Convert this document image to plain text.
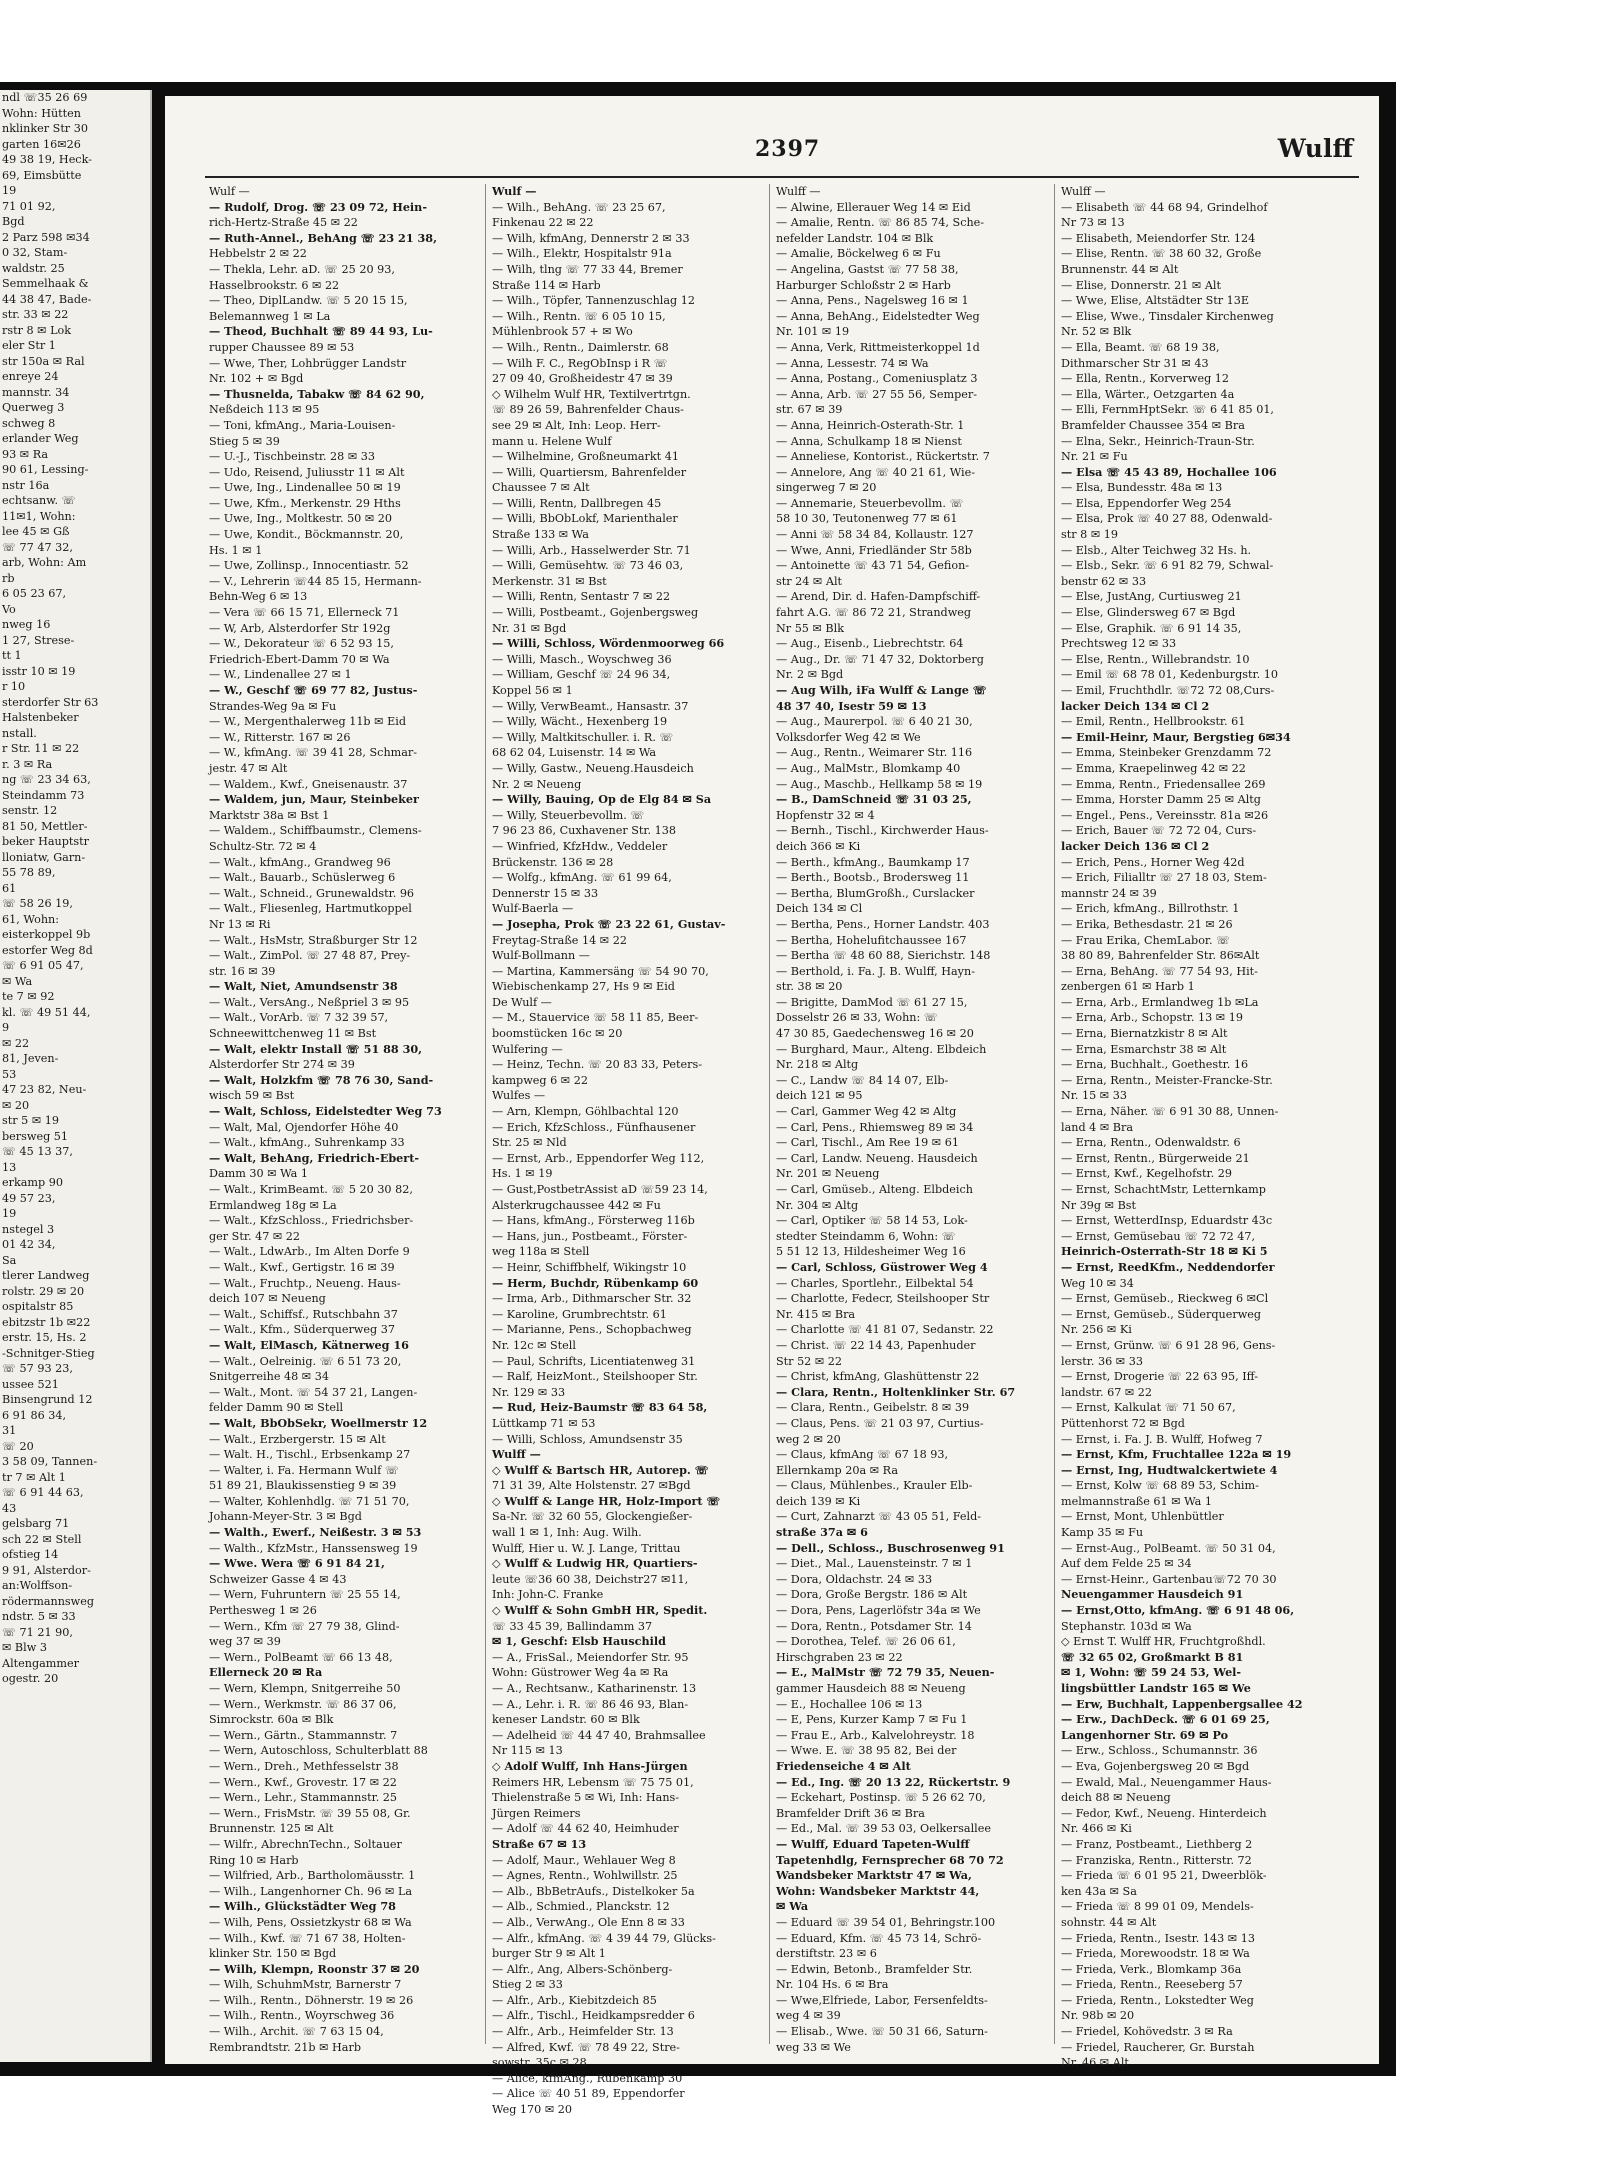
ndl ☏35 26 69
Wohn: Hütten
nklinker Str 30
garten 16✉26
49 38 19, Heck-
69, Eimsbütte
19
71 01 92,
Bgd
2 Parz 598 ✉34
0 32, Stam-
waldstr. 25
Semmelhaak &
44 38 47, Bade-
str. 33 ✉ 22
rstr 8 ✉ Lok
eler Str 1
str 150a ✉ Ral
enreye 24
mannstr. 34
Querweg 3
schweg 8
erlander Weg
93 ✉ Ra
90 61, Lessing-
nstr 16a
echtsanw. ☏
11✉1, Wohn:
lee 45 ✉ Gß
☏ 77 47 32,
arb, Wohn: Am
rb
6 05 23 67,
Vo
nweg 16
1 27, Strese-
tt 1
isstr 10 ✉ 19
r 10
sterdorfer Str 63
Halstenbeker
nstall.
r Str. 11 ✉ 22
r. 3 ✉ Ra
ng ☏ 23 34 63,
Steindamm 73
senstr. 12
81 50, Mettler-
beker Hauptstr
lloniatw, Garn-
55 78 89,
61
☏ 58 26 19,
61, Wohn:
eisterkoppel 9b
estorfer Weg 8d
☏ 6 91 05 47,
✉ Wa
te 7 ✉ 92
kl. ☏ 49 51 44,
9
✉ 22
81, Jeven-
53
47 23 82, Neu-
✉ 20
str 5 ✉ 19
bersweg 51
☏ 45 13 37,
13
erkamp 90
49 57 23,
19
nstegel 3
01 42 34,
Sa
tlerer Landweg
rolstr. 29 ✉ 20
ospitalstr 85
ebitzstr 1b ✉22
erstr. 15, Hs. 2
-Schnitger-Stieg
☏ 57 93 23,
ussee 521
Binsengrund 12
6 91 86 34,
31
☏ 20
3 58 09, Tannen-
tr 7 ✉ Alt 1
☏ 6 91 44 63,
43
gelsbarg 71
sch 22 ✉ Stell
ofstieg 14
9 91, Alsterdor-
an:Wolffson-
rödermannsweg
ndstr. 5 ✉ 33
☏ 71 21 90,
✉ Blw 3
Altengammer
ogestr. 20
2397	Wulff
Wulf —
— Rudolf, Drog. ☏ 23 09 72, Hein-
rich-Hertz-Straße 45 ✉ 22
— Ruth-Annel., BehAng ☏ 23 21 38,
Hebbelstr 2 ✉ 22
— Thekla, Lehr. aD. ☏ 25 20 93,
Hasselbrookstr. 6 ✉ 22
— Theo, DiplLandw. ☏ 5 20 15 15,
Belemannweg 1 ✉ La
— Theod, Buchhalt ☏ 89 44 93, Lu-
rupper Chaussee 89 ✉ 53
— Wwe, Ther, Lohbrügger Landstr
Nr. 102 + ✉ Bgd
— Thusnelda, Tabakw ☏ 84 62 90,
Neßdeich 113 ✉ 95
— Toni, kfmAng., Maria-Louisen-
Stieg 5 ✉ 39
— U.-J., Tischbeinstr. 28 ✉ 33
— Udo, Reisend, Juliusstr 11 ✉ Alt
— Uwe, Ing., Lindenallee 50 ✉ 19
— Uwe, Kfm., Merkenstr. 29 Hths
— Uwe, Ing., Moltkestr. 50 ✉ 20
— Uwe, Kondit., Böckmannstr. 20,
Hs. 1 ✉ 1
— Uwe, Zollinsp., Innocentiastr. 52
— V., Lehrerin ☏44 85 15, Hermann-
Behn-Weg 6 ✉ 13
— Vera ☏ 66 15 71, Ellerneck 71
— W, Arb, Alsterdorfer Str 192g
— W., Dekorateur ☏ 6 52 93 15,
Friedrich-Ebert-Damm 70 ✉ Wa
— W., Lindenallee 27 ✉ 1
— W., Geschf ☏ 69 77 82, Justus-
Strandes-Weg 9a ✉ Fu
— W., Mergenthalerweg 11b ✉ Eid
— W., Ritterstr. 167 ✉ 26
— W., kfmAng. ☏ 39 41 28, Schmar-
jestr. 47 ✉ Alt
— Waldem., Kwf., Gneisenaustr. 37
— Waldem, jun, Maur, Steinbeker
Marktstr 38a ✉ Bst 1
— Waldem., Schiffbaumstr., Clemens-
Schultz-Str. 72 ✉ 4
— Walt., kfmAng., Grandweg 96
— Walt., Bauarb., Schüslerweg 6
— Walt., Schneid., Grunewaldstr. 96
— Walt., Fliesenleg, Hartmutkoppel
Nr 13 ✉ Ri
— Walt., HsMstr, Straßburger Str 12
— Walt., ZimPol. ☏ 27 48 87, Prey-
str. 16 ✉ 39
— Walt, Niet, Amundsenstr 38
— Walt., VersAng., Neßpriel 3 ✉ 95
— Walt., VorArb. ☏ 7 32 39 57,
Schneewittchenweg 11 ✉ Bst
— Walt, elektr Install ☏ 51 88 30,
Alsterdorfer Str 274 ✉ 39
— Walt, Holzkfm ☏ 78 76 30, Sand-
wisch 59 ✉ Bst
— Walt, Schloss, Eidelstedter Weg 73
— Walt, Mal, Ojendorfer Höhe 40
— Walt., kfmAng., Suhrenkamp 33
— Walt, BehAng, Friedrich-Ebert-
Damm 30 ✉ Wa 1
— Walt., KrimBeamt. ☏ 5 20 30 82,
Ermlandweg 18g ✉ La
— Walt., KfzSchloss., Friedrichsber-
ger Str. 47 ✉ 22
— Walt., LdwArb., Im Alten Dorfe 9
— Walt., Kwf., Gertigstr. 16 ✉ 39
— Walt., Fruchtp., Neueng. Haus-
deich 107 ✉ Neueng
— Walt., Schiffsf., Rutschbahn 37
— Walt., Kfm., Süderquerweg 37
— Walt, ElMasch, Kätnerweg 16
— Walt., Oelreinig. ☏ 6 51 73 20,
Snitgerreihe 48 ✉ 34
— Walt., Mont. ☏ 54 37 21, Langen-
felder Damm 90 ✉ Stell
— Walt, BbObSekr, Woellmerstr 12
— Walt., Erzbergerstr. 15 ✉ Alt
— Walt. H., Tischl., Erbsenkamp 27
— Walter, i. Fa. Hermann Wulf ☏
51 89 21, Blaukissenstieg 9 ✉ 39
— Walter, Kohlenhdlg. ☏ 71 51 70,
Johann-Meyer-Str. 3 ✉ Bgd
— Walth., Ewerf., Neißestr. 3 ✉ 53
— Walth., KfzMstr., Hanssensweg 19
— Wwe. Wera ☏ 6 91 84 21,
Schweizer Gasse 4 ✉ 43
— Wern, Fuhruntern ☏ 25 55 14,
Perthesweg 1 ✉ 26
— Wern., Kfm ☏ 27 79 38, Glind-
weg 37 ✉ 39
— Wern., PolBeamt ☏ 66 13 48,
Ellerneck 20 ✉ Ra
— Wern, Klempn, Snitgerreihe 50
— Wern., Werkmstr. ☏ 86 37 06,
Simrockstr. 60a ✉ Blk
— Wern., Gärtn., Stammannstr. 7
— Wern, Autoschloss, Schulterblatt 88
— Wern., Dreh., Methfesselstr 38
— Wern., Kwf., Grovestr. 17 ✉ 22
— Wern., Lehr., Stammannstr. 25
— Wern., FrisMstr. ☏ 39 55 08, Gr.
Brunnenstr. 125 ✉ Alt
— Wilfr., AbrechnTechn., Soltauer
Ring 10 ✉ Harb
— Wilfried, Arb., Bartholomäusstr. 1
— Wilh., Langenhorner Ch. 96 ✉ La
— Wilh., Glückstädter Weg 78
— Wilh, Pens, Ossietzkystr 68 ✉ Wa
— Wilh., Kwf. ☏ 71 67 38, Holten-
klinker Str. 150 ✉ Bgd
— Wilh, Klempn, Roonstr 37 ✉ 20
— Wilh, SchuhmMstr, Barnerstr 7
— Wilh., Rentn., Döhnerstr. 19 ✉ 26
— Wilh., Rentn., Woyrschweg 36
— Wilh., Archit. ☏ 7 63 15 04,
Rembrandtstr. 21b ✉ Harb
Wulf —
— Wilh., BehAng. ☏ 23 25 67,
Finkenau 22 ✉ 22
— Wilh, kfmAng, Dennerstr 2 ✉ 33
— Wilh., Elektr, Hospitalstr 91a
— Wilh, tlng ☏ 77 33 44, Bremer
Straße 114 ✉ Harb
— Wilh., Töpfer, Tannenzuschlag 12
— Wilh., Rentn. ☏ 6 05 10 15,
Mühlenbrook 57 + ✉ Wo
— Wilh., Rentn., Daimlerstr. 68
— Wilh F. C., RegObInsp i R ☏
27 09 40, Großheidestr 47 ✉ 39
◇ Wilhelm Wulf HR, Textilvertrtgn.
☏ 89 26 59, Bahrenfelder Chaus-
see 29 ✉ Alt, Inh: Leop. Herr-
mann u. Helene Wulf
— Wilhelmine, Großneumarkt 41
— Willi, Quartiersm, Bahrenfelder
Chaussee 7 ✉ Alt
— Willi, Rentn, Dallbregen 45
— Willi, BbObLokf, Marienthaler
Straße 133 ✉ Wa
— Willi, Arb., Hasselwerder Str. 71
— Willi, Gemüsehtw. ☏ 73 46 03,
Merkenstr. 31 ✉ Bst
— Willi, Rentn, Sentastr 7 ✉ 22
— Willi, Postbeamt., Gojenbergsweg
Nr. 31 ✉ Bgd
— Willi, Schloss, Wördenmoorweg 66
— Willi, Masch., Woyschweg 36
— William, Geschf ☏ 24 96 34,
Koppel 56 ✉ 1
— Willy, VerwBeamt., Hansastr. 37
— Willy, Wächt., Hexenberg 19
— Willy, Maltkitschuller. i. R. ☏
68 62 04, Luisenstr. 14 ✉ Wa
— Willy, Gastw., Neueng.Hausdeich
Nr. 2 ✉ Neueng
— Willy, Bauing, Op de Elg 84 ✉ Sa
— Willy, Steuerbevollm. ☏
7 96 23 86, Cuxhavener Str. 138
— Winfried, KfzHdw., Veddeler
Brückenstr. 136 ✉ 28
— Wolfg., kfmAng. ☏ 61 99 64,
Dennerstr 15 ✉ 33
Wulf-Baerla —
— Josepha, Prok ☏ 23 22 61, Gustav-
Freytag-Straße 14 ✉ 22
Wulf-Bollmann —
— Martina, Kammersäng ☏ 54 90 70,
Wiebischenkamp 27, Hs 9 ✉ Eid
De Wulf —
— M., Stauervice ☏ 58 11 85, Beer-
boomstücken 16c ✉ 20
Wulfering —
— Heinz, Techn. ☏ 20 83 33, Peters-
kampweg 6 ✉ 22
Wulfes —
— Arn, Klempn, Göhlbachtal 120
— Erich, KfzSchloss., Fünfhausener
Str. 25 ✉ Nld
— Ernst, Arb., Eppendorfer Weg 112,
Hs. 1 ✉ 19
— Gust,PostbetrAssist aD ☏59 23 14,
Alsterkrugchaussee 442 ✉ Fu
— Hans, kfmAng., Försterweg 116b
— Hans, jun., Postbeamt., Förster-
weg 118a ✉ Stell
— Heinr, Schiffbhelf, Wikingstr 10
— Herm, Buchdr, Rübenkamp 60
— Irma, Arb., Dithmarscher Str. 32
— Karoline, Grumbrechtstr. 61
— Marianne, Pens., Schopbachweg
Nr. 12c ✉ Stell
— Paul, Schrifts, Licentiatenweg 31
— Ralf, HeizMont., Steilshooper Str.
Nr. 129 ✉ 33
— Rud, Heiz-Baumstr ☏ 83 64 58,
Lüttkamp 71 ✉ 53
— Willi, Schloss, Amundsenstr 35
Wulff —
◇ Wulff & Bartsch HR, Autorep. ☏
71 31 39, Alte Holstenstr. 27 ✉Bgd
◇ Wulff & Lange HR, Holz-Import ☏
Sa-Nr. ☏ 32 60 55, Glockengießer-
wall 1 ✉ 1, Inh: Aug. Wilh.
Wulff, Hier u. W. J. Lange, Trittau
◇ Wulff & Ludwig HR, Quartiers-
leute ☏36 60 38, Deichstr27 ✉11,
Inh: John-C. Franke
◇ Wulff & Sohn GmbH HR, Spedit.
☏ 33 45 39, Ballindamm 37
✉ 1, Geschf: Elsb Hauschild
— A., FrisSal., Meiendorfer Str. 95
Wohn: Güstrower Weg 4a ✉ Ra
— A., Rechtsanw., Katharinenstr. 13
— A., Lehr. i. R. ☏ 86 46 93, Blan-
keneser Landstr. 60 ✉ Blk
— Adelheid ☏ 44 47 40, Brahmsallee
Nr 115 ✉ 13
◇ Adolf Wulff, Inh Hans-Jürgen
Reimers HR, Lebensm ☏ 75 75 01,
Thielenstraße 5 ✉ Wi, Inh: Hans-
Jürgen Reimers
— Adolf ☏ 44 62 40, Heimhuder
Straße 67 ✉ 13
— Adolf, Maur., Wehlauer Weg 8
— Agnes, Rentn., Wohlwillstr. 25
— Alb., BbBetrAufs., Distelkoker 5a
— Alb., Schmied., Planckstr. 12
— Alb., VerwAng., Ole Enn 8 ✉ 33
— Alfr., kfmAng. ☏ 4 39 44 79, Glücks-
burger Str 9 ✉ Alt 1
— Alfr., Ang, Albers-Schönberg-
Stieg 2 ✉ 33
— Alfr., Arb., Kiebitzdeich 85
— Alfr., Tischl., Heidkampsredder 6
— Alfr., Arb., Heimfelder Str. 13
— Alfred, Kwf. ☏ 78 49 22, Stre-
sowstr. 35c ✉ 28
— Alice, kfmAng., Rübenkamp 30
— Alice ☏ 40 51 89, Eppendorfer
Weg 170 ✉ 20
Wulff —
— Alwine, Ellerauer Weg 14 ✉ Eid
— Amalie, Rentn. ☏ 86 85 74, Sche-
nefelder Landstr. 104 ✉ Blk
— Amalie, Böckelweg 6 ✉ Fu
— Angelina, Gastst ☏ 77 58 38,
Harburger Schloßstr 2 ✉ Harb
— Anna, Pens., Nagelsweg 16 ✉ 1
— Anna, BehAng., Eidelstedter Weg
Nr. 101 ✉ 19
— Anna, Verk, Rittmeisterkoppel 1d
— Anna, Lessestr. 74 ✉ Wa
— Anna, Postang., Comeniusplatz 3
— Anna, Arb. ☏ 27 55 56, Semper-
str. 67 ✉ 39
— Anna, Heinrich-Osterath-Str. 1
— Anna, Schulkamp 18 ✉ Nienst
— Anneliese, Kontorist., Rückertstr. 7
— Annelore, Ang ☏ 40 21 61, Wie-
singerweg 7 ✉ 20
— Annemarie, Steuerbevollm. ☏
58 10 30, Teutonenweg 77 ✉ 61
— Anni ☏ 58 34 84, Kollaustr. 127
— Wwe, Anni, Friedländer Str 58b
— Antoinette ☏ 43 71 54, Gefion-
str 24 ✉ Alt
— Arend, Dir. d. Hafen-Dampfschiff-
fahrt A.G. ☏ 86 72 21, Strandweg
Nr 55 ✉ Blk
— Aug., Eisenb., Liebrechtstr. 64
— Aug., Dr. ☏ 71 47 32, Doktorberg
Nr. 2 ✉ Bgd
— Aug Wilh, iFa Wulff & Lange ☏
48 37 40, Isestr 59 ✉ 13
— Aug., Maurerpol. ☏ 6 40 21 30,
Volksdorfer Weg 42 ✉ We
— Aug., Rentn., Weimarer Str. 116
— Aug., MalMstr., Blomkamp 40
— Aug., Maschb., Hellkamp 58 ✉ 19
— B., DamSchneid ☏ 31 03 25,
Hopfenstr 32 ✉ 4
— Bernh., Tischl., Kirchwerder Haus-
deich 366 ✉ Ki
— Berth., kfmAng., Baumkamp 17
— Berth., Bootsb., Brodersweg 11
— Bertha, BlumGroßh., Curslacker
Deich 134 ✉ Cl
— Bertha, Pens., Horner Landstr. 403
— Bertha, Hohelufitchaussee 167
— Bertha ☏ 48 60 88, Sierichstr. 148
— Berthold, i. Fa. J. B. Wulff, Hayn-
str. 38 ✉ 20
— Brigitte, DamMod ☏ 61 27 15,
Dosselstr 26 ✉ 33, Wohn: ☏
47 30 85, Gaedechensweg 16 ✉ 20
— Burghard, Maur., Alteng. Elbdeich
Nr. 218 ✉ Altg
— C., Landw ☏ 84 14 07, Elb-
deich 121 ✉ 95
— Carl, Gammer Weg 42 ✉ Altg
— Carl, Pens., Rhiemsweg 89 ✉ 34
— Carl, Tischl., Am Ree 19 ✉ 61
— Carl, Landw. Neueng. Hausdeich
Nr. 201 ✉ Neueng
— Carl, Gmüseb., Alteng. Elbdeich
Nr. 304 ✉ Altg
— Carl, Optiker ☏ 58 14 53, Lok-
stedter Steindamm 6, Wohn: ☏
5 51 12 13, Hildesheimer Weg 16
— Carl, Schloss, Güstrower Weg 4
— Charles, Sportlehr., Eilbektal 54
— Charlotte, Fedecr, Steilshooper Str
Nr. 415 ✉ Bra
— Charlotte ☏ 41 81 07, Sedanstr. 22
— Christ. ☏ 22 14 43, Papenhuder
Str 52 ✉ 22
— Christ, kfmAng, Glashüttenstr 22
— Clara, Rentn., Holtenklinker Str. 67
— Clara, Rentn., Geibelstr. 8 ✉ 39
— Claus, Pens. ☏ 21 03 97, Curtius-
weg 2 ✉ 20
— Claus, kfmAng ☏ 67 18 93,
Ellernkamp 20a ✉ Ra
— Claus, Mühlenbes., Krauler Elb-
deich 139 ✉ Ki
— Curt, Zahnarzt ☏ 43 05 51, Feld-
straße 37a ✉ 6
— Dell., Schloss., Buschrosenweg 91
— Diet., Mal., Lauensteinstr. 7 ✉ 1
— Dora, Oldachstr. 24 ✉ 33
— Dora, Große Bergstr. 186 ✉ Alt
— Dora, Pens, Lagerlöfstr 34a ✉ We
— Dora, Rentn., Potsdamer Str. 14
— Dorothea, Telef. ☏ 26 06 61,
Hirschgraben 23 ✉ 22
— E., MalMstr ☏ 72 79 35, Neuen-
gammer Hausdeich 88 ✉ Neueng
— E., Hochallee 106 ✉ 13
— E, Pens, Kurzer Kamp 7 ✉ Fu 1
— Frau E., Arb., Kalvelohreystr. 18
— Wwe. E. ☏ 38 95 82, Bei der
Friedenseiche 4 ✉ Alt
— Ed., Ing. ☏ 20 13 22, Rückertstr. 9
— Eckehart, Postinsp. ☏ 5 26 62 70,
Bramfelder Drift 36 ✉ Bra
— Ed., Mal. ☏ 39 53 03, Oelkersallee
— Wulff, Eduard Tapeten-Wulff
Tapetenhdlg, Fernsprecher 68 70 72
Wandsbeker Marktstr 47 ✉ Wa,
Wohn: Wandsbeker Marktstr 44,
✉ Wa
— Eduard ☏ 39 54 01, Behringstr.100
— Eduard, Kfm. ☏ 45 73 14, Schrö-
derstiftstr. 23 ✉ 6
— Edwin, Betonb., Bramfelder Str.
Nr. 104 Hs. 6 ✉ Bra
— Wwe,Elfriede, Labor, Fersenfeldts-
weg 4 ✉ 39
— Elisab., Wwe. ☏ 50 31 66, Saturn-
weg 33 ✉ We
Wulff —
— Elisabeth ☏ 44 68 94, Grindelhof
Nr 73 ✉ 13
— Elisabeth, Meiendorfer Str. 124
— Elise, Rentn. ☏ 38 60 32, Große
Brunnenstr. 44 ✉ Alt
— Elise, Donnerstr. 21 ✉ Alt
— Wwe, Elise, Altstädter Str 13E
— Elise, Wwe., Tinsdaler Kirchenweg
Nr. 52 ✉ Blk
— Ella, Beamt. ☏ 68 19 38,
Dithmarscher Str 31 ✉ 43
— Ella, Rentn., Korverweg 12
— Ella, Wärter., Oetzgarten 4a
— Elli, FernmHptSekr. ☏ 6 41 85 01,
Bramfelder Chaussee 354 ✉ Bra
— Elna, Sekr., Heinrich-Traun-Str.
Nr. 21 ✉ Fu
— Elsa ☏ 45 43 89, Hochallee 106
— Elsa, Bundesstr. 48a ✉ 13
— Elsa, Eppendorfer Weg 254
— Elsa, Prok ☏ 40 27 88, Odenwald-
str 8 ✉ 19
— Elsb., Alter Teichweg 32 Hs. h.
— Elsb., Sekr. ☏ 6 91 82 79, Schwal-
benstr 62 ✉ 33
— Else, JustAng, Curtiusweg 21
— Else, Glindersweg 67 ✉ Bgd
— Else, Graphik. ☏ 6 91 14 35,
Prechtsweg 12 ✉ 33
— Else, Rentn., Willebrandstr. 10
— Emil ☏ 68 78 01, Kedenburgstr. 10
— Emil, Fruchthdlr. ☏72 72 08,Curs-
lacker Deich 134 ✉ Cl 2
— Emil, Rentn., Hellbrookstr. 61
— Emil-Heinr, Maur, Bergstieg 6✉34
— Emma, Steinbeker Grenzdamm 72
— Emma, Kraepelinweg 42 ✉ 22
— Emma, Rentn., Friedensallee 269
— Emma, Horster Damm 25 ✉ Altg
— Engel., Pens., Vereinsstr. 81a ✉26
— Erich, Bauer ☏ 72 72 04, Curs-
lacker Deich 136 ✉ Cl 2
— Erich, Pens., Horner Weg 42d
— Erich, Filialltr ☏ 27 18 03, Stem-
mannstr 24 ✉ 39
— Erich, kfmAng., Billrothstr. 1
— Erika, Bethesdastr. 21 ✉ 26
— Frau Erika, ChemLabor. ☏
38 80 89, Bahrenfelder Str. 86✉Alt
— Erna, BehAng. ☏ 77 54 93, Hit-
zenbergen 61 ✉ Harb 1
— Erna, Arb., Ermlandweg 1b ✉La
— Erna, Arb., Schopstr. 13 ✉ 19
— Erna, Biernatzkistr 8 ✉ Alt
— Erna, Esmarchstr 38 ✉ Alt
— Erna, Buchhalt., Goethestr. 16
— Erna, Rentn., Meister-Francke-Str.
Nr. 15 ✉ 33
— Erna, Näher. ☏ 6 91 30 88, Unnen-
land 4 ✉ Bra
— Erna, Rentn., Odenwaldstr. 6
— Ernst, Rentn., Bürgerweide 21
— Ernst, Kwf., Kegelhofstr. 29
— Ernst, SchachtMstr, Letternkamp
Nr 39g ✉ Bst
— Ernst, WetterdInsp, Eduardstr 43c
— Ernst, Gemüsebau ☏ 72 72 47,
Heinrich-Osterrath-Str 18 ✉ Ki 5
— Ernst, ReedKfm., Neddendorfer
Weg 10 ✉ 34
— Ernst, Gemüseb., Rieckweg 6 ✉Cl
— Ernst, Gemüseb., Süderquerweg
Nr. 256 ✉ Ki
— Ernst, Grünw. ☏ 6 91 28 96, Gens-
lerstr. 36 ✉ 33
— Ernst, Drogerie ☏ 22 63 95, Iff-
landstr. 67 ✉ 22
— Ernst, Kalkulat ☏ 71 50 67,
Püttenhorst 72 ✉ Bgd
— Ernst, i. Fa. J. B. Wulff, Hofweg 7
— Ernst, Kfm, Fruchtallee 122a ✉ 19
— Ernst, Ing, Hudtwalckertwiete 4
— Ernst, Kolw ☏ 68 89 53, Schim-
melmannstraße 61 ✉ Wa 1
— Ernst, Mont, Uhlenbüttler
Kamp 35 ✉ Fu
— Ernst-Aug., PolBeamt. ☏ 50 31 04,
Auf dem Felde 25 ✉ 34
— Ernst-Heinr., Gartenbau☏72 70 30
Neuengammer Hausdeich 91
— Ernst,Otto, kfmAng. ☏ 6 91 48 06,
Stephanstr. 103d ✉ Wa
◇ Ernst T. Wulff HR, Fruchtgroßhdl.
☏ 32 65 02, Großmarkt B 81
✉ 1, Wohn: ☏ 59 24 53, Wel-
lingsbüttler Landstr 165 ✉ We
— Erw, Buchhalt, Lappenbergsallee 42
— Erw., DachDeck. ☏ 6 01 69 25,
Langenhorner Str. 69 ✉ Po
— Erw., Schloss., Schumannstr. 36
— Eva, Gojenbergsweg 20 ✉ Bgd
— Ewald, Mal., Neuengammer Haus-
deich 88 ✉ Neueng
— Fedor, Kwf., Neueng. Hinterdeich
Nr. 466 ✉ Ki
— Franz, Postbeamt., Liethberg 2
— Franziska, Rentn., Ritterstr. 72
— Frieda ☏ 6 01 95 21, Dweerblök-
ken 43a ✉ Sa
— Frieda ☏ 8 99 01 09, Mendels-
sohnstr. 44 ✉ Alt
— Frieda, Rentn., Isestr. 143 ✉ 13
— Frieda, Morewoodstr. 18 ✉ Wa
— Frieda, Verk., Blomkamp 36a
— Frieda, Rentn., Reeseberg 57
— Frieda, Rentn., Lokstedter Weg
Nr. 98b ✉ 20
— Friedel, Kohövedstr. 3 ✉ Ra
— Friedel, Raucherer, Gr. Burstah
Nr. 46 ✉ Alt
